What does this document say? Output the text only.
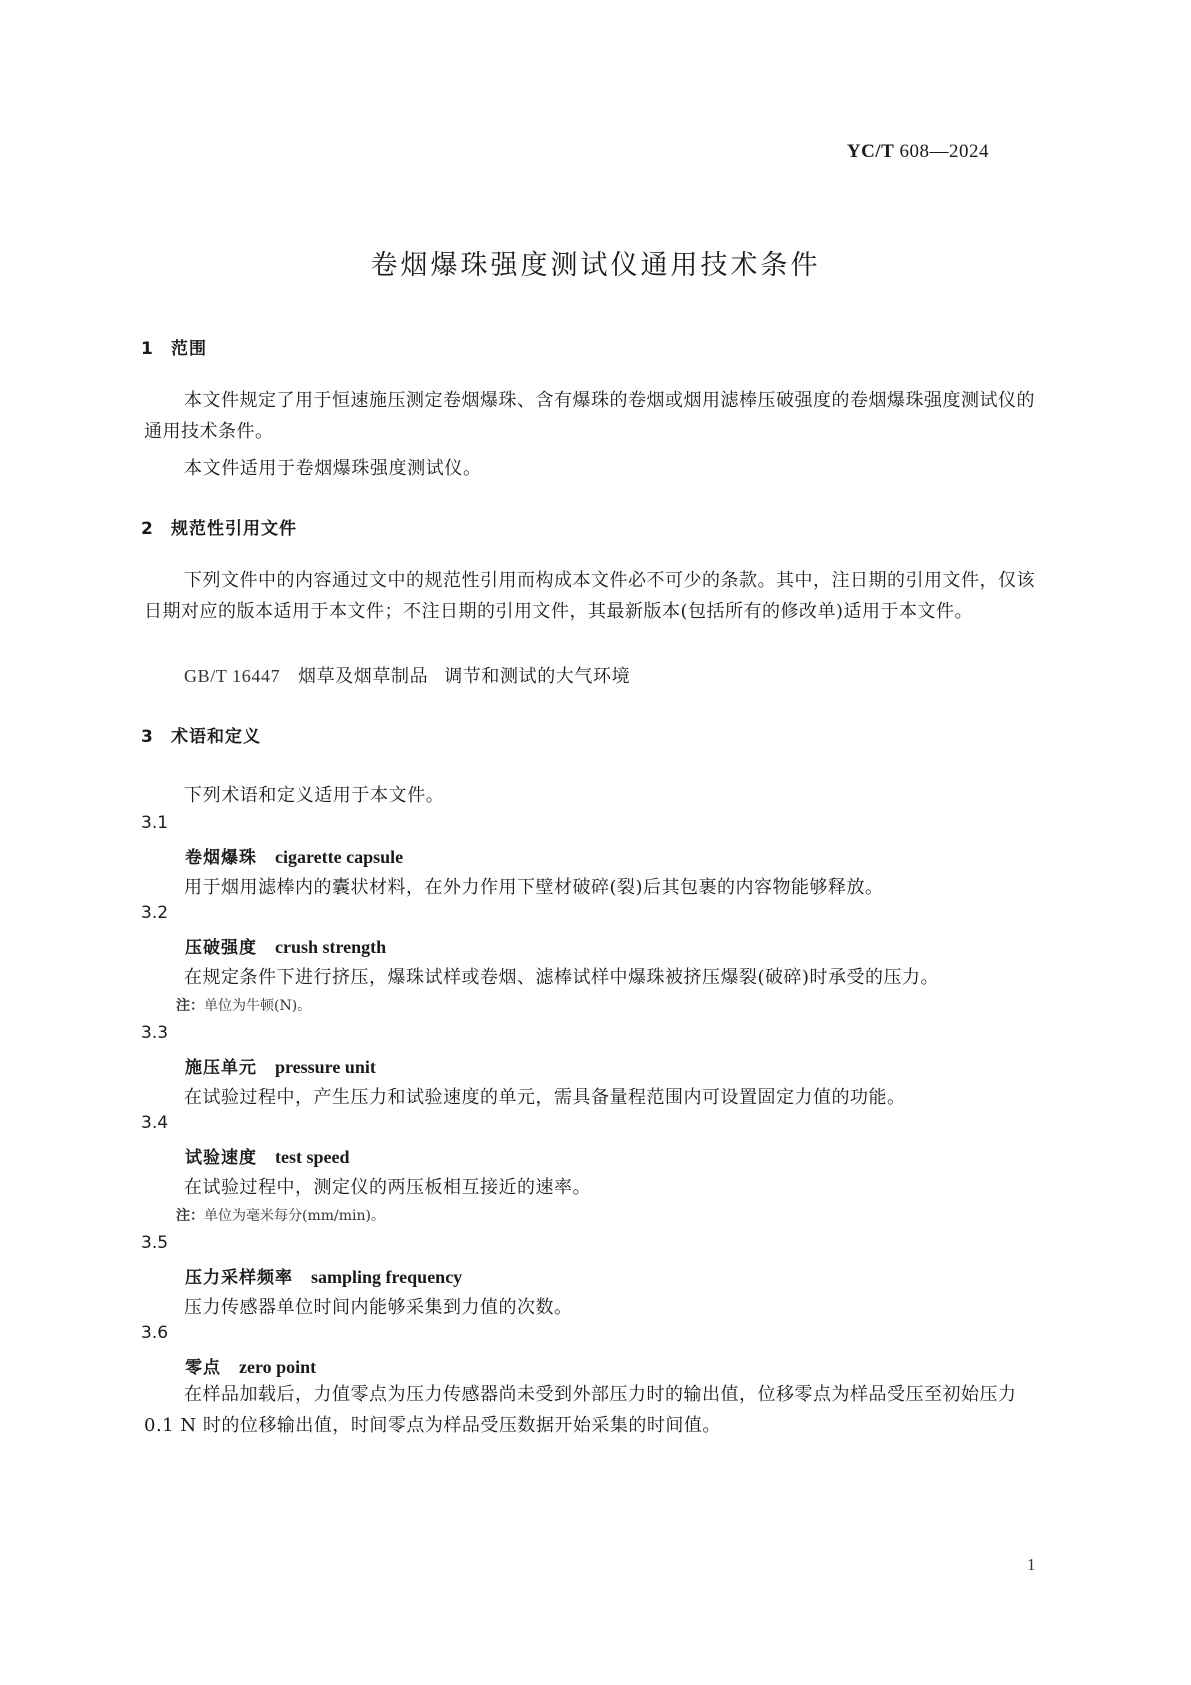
YC/T 608—2024
卷烟爆珠强度测试仪通用技术条件
1 范围
本文件规定了用于恒速施压测定卷烟爆珠、含有爆珠的卷烟或烟用滤棒压破强度的卷烟爆珠强度测试仪的通用技术条件。
本文件适用于卷烟爆珠强度测试仪。
2 规范性引用文件
下列文件中的内容通过文中的规范性引用而构成本文件必不可少的条款。其中，注日期的引用文件，仅该日期对应的版本适用于本文件；不注日期的引用文件，其最新版本(包括所有的修改单)适用于本文件。
GB/T 16447 烟草及烟草制品 调节和测试的大气环境
3 术语和定义
下列术语和定义适用于本文件。
3.1
卷烟爆珠 cigarette capsule
用于烟用滤棒内的囊状材料，在外力作用下壁材破碎(裂)后其包裹的内容物能够释放。
3.2
压破强度 crush strength
在规定条件下进行挤压，爆珠试样或卷烟、滤棒试样中爆珠被挤压爆裂(破碎)时承受的压力。
注：单位为牛顿(N)。
3.3
施压单元 pressure unit
在试验过程中，产生压力和试验速度的单元，需具备量程范围内可设置固定力值的功能。
3.4
试验速度 test speed
在试验过程中，测定仪的两压板相互接近的速率。
注：单位为毫米每分(mm/min)。
3.5
压力采样频率 sampling frequency
压力传感器单位时间内能够采集到力值的次数。
3.6
零点 zero point
在样品加载后，力值零点为压力传感器尚未受到外部压力时的输出值，位移零点为样品受压至初始压力 0.1 N 时的位移输出值，时间零点为样品受压数据开始采集的时间值。
1
